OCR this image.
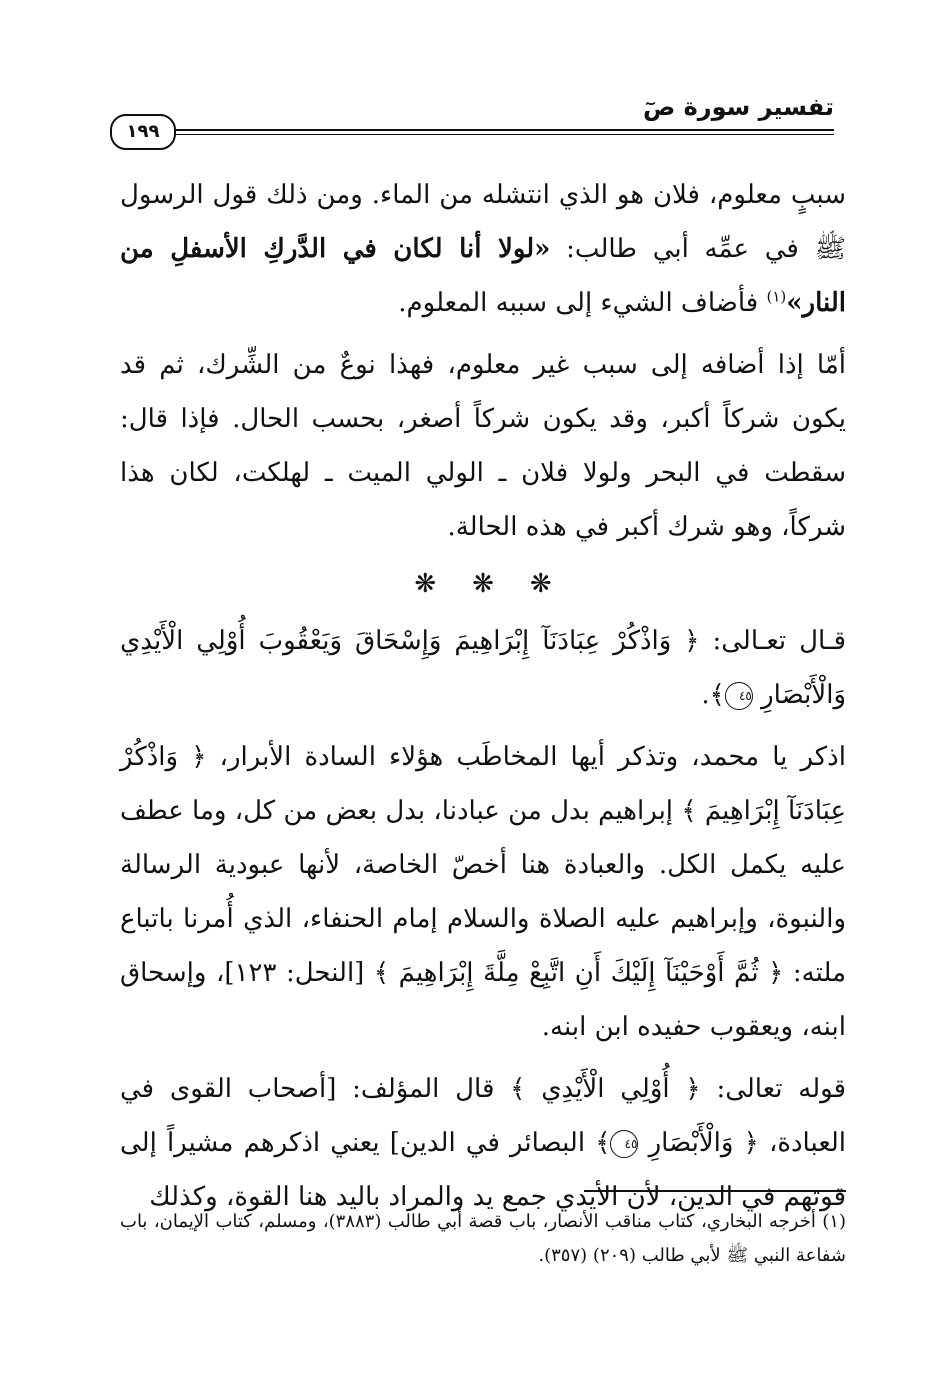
تفسير سورة صٓ
١٩٩

سببٍ معلوم، فلان هو الذي انتشله من الماء. ومن ذلك قول الرسول ﷺ في عمِّه أبي طالب: «لولا أنا لكان في الدَّركِ الأسفلِ من النار»$^{(١)}$ فأضاف الشيء إلى سببه المعلوم.

أمّا إذا أضافه إلى سبب غير معلوم، فهذا نوعٌ من الشِّرك، ثم قد يكون شركاً أكبر، وقد يكون شركاً أصغر، بحسب الحال. فإذا قال: سقطت في البحر ولولا فلان ـ الولي الميت ـ لهلكت، لكان هذا شركاً، وهو شرك أكبر في هذه الحالة.

❋❋❋

قـال تعـالى: ﴿ وَاذْكُرْ عِبَادَنَآ إِبْرَاهِيمَ وَإِسْحَاقَ وَيَعْقُوبَ أُوْلِي الْأَيْدِي وَالْأَبْصَارِ ٤٥﴾.

اذكر يا محمد، وتذكر أيها المخاطَب هؤلاء السادة الأبرار، ﴿ وَاذْكُرْ عِبَادَنَآ إِبْرَاهِيمَ ﴾ إبراهيم بدل من عبادنا، بدل بعض من كل، وما عطف عليه يكمل الكل. والعبادة هنا أخصّ الخاصة، لأنها عبودية الرسالة والنبوة، وإبراهيم عليه الصلاة والسلام إمام الحنفاء، الذي أُمرنا باتباع ملته: ﴿ ثُمَّ أَوْحَيْنَآ إِلَيْكَ أَنِ اتَّبِعْ مِلَّةَ إِبْرَاهِيمَ ﴾ [النحل: ١٢٣]، وإسحاق ابنه، ويعقوب حفيده ابن ابنه.

قوله تعالى: ﴿ أُوْلِي الْأَيْدِي ﴾ قال المؤلف: [أصحاب القوى في العبادة، ﴿ وَالْأَبْصَارِ ٤٥﴾ البصائر في الدين] يعني اذكرهم مشيراً إلى قوتهم في الدين، لأن الأيدي جمع يد والمراد باليد هنا القوة، وكذلك

(١) أخرجه البخاري، كتاب مناقب الأنصار، باب قصة أبي طالب (٣٨٨٣)، ومسلم، كتاب الإيمان، باب شفاعة النبي ﷺ لأبي طالب (٢٠٩) (٣٥٧).
